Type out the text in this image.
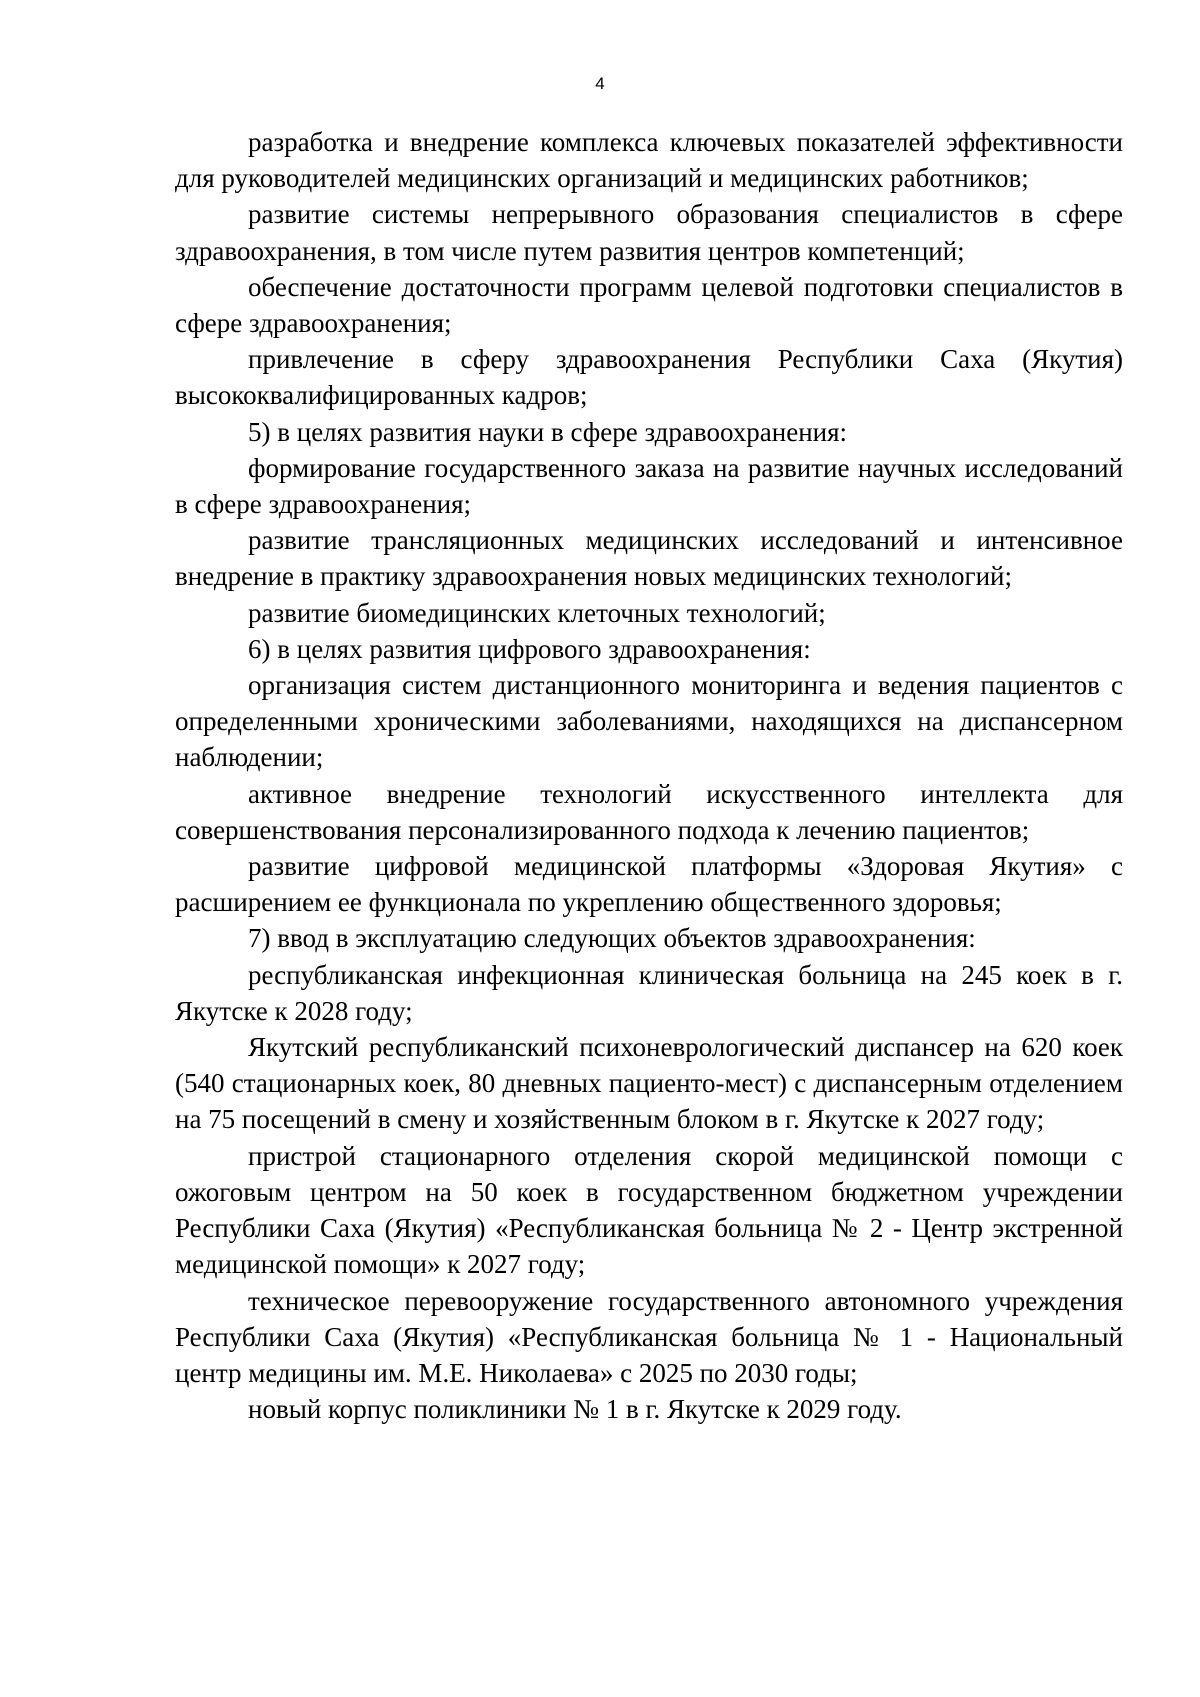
4

разработка и внедрение комплекса ключевых показателей эффективности для руководителей медицинских организаций и медицинских работников;

развитие системы непрерывного образования специалистов в сфере здравоохранения, в том числе путем развития центров компетенций;

обеспечение достаточности программ целевой подготовки специалистов в сфере здравоохранения;

привлечение в сферу здравоохранения Республики Саха (Якутия) высококвалифицированных кадров;

5) в целях развития науки в сфере здравоохранения:

формирование государственного заказа на развитие научных исследований в сфере здравоохранения;

развитие трансляционных медицинских исследований и интенсивное внедрение в практику здравоохранения новых медицинских технологий;

развитие биомедицинских клеточных технологий;

6) в целях развития цифрового здравоохранения:

организация систем дистанционного мониторинга и ведения пациентов с определенными хроническими заболеваниями, находящихся на диспансерном наблюдении;

активное внедрение технологий искусственного интеллекта для совершенствования персонализированного подхода к лечению пациентов;

развитие цифровой медицинской платформы «Здоровая Якутия» с расширением ее функционала по укреплению общественного здоровья;

7) ввод в эксплуатацию следующих объектов здравоохранения:

республиканская инфекционная клиническая больница на 245 коек в г. Якутске к 2028 году;

Якутский республиканский психоневрологический диспансер на 620 коек (540 стационарных коек, 80 дневных пациенто-мест) с диспансерным отделением на 75 посещений в смену и хозяйственным блоком в г. Якутске к 2027 году;

пристрой стационарного отделения скорой медицинской помощи с ожоговым центром на 50 коек в государственном бюджетном учреждении Республики Саха (Якутия) «Республиканская больница № 2 - Центр экстренной медицинской помощи» к 2027 году;

техническое перевооружение государственного автономного учреждения Республики Саха (Якутия) «Республиканская больница № 1 - Национальный центр медицины им. М.Е. Николаева» с 2025 по 2030 годы;

новый корпус поликлиники № 1 в г. Якутске к 2029 году.
